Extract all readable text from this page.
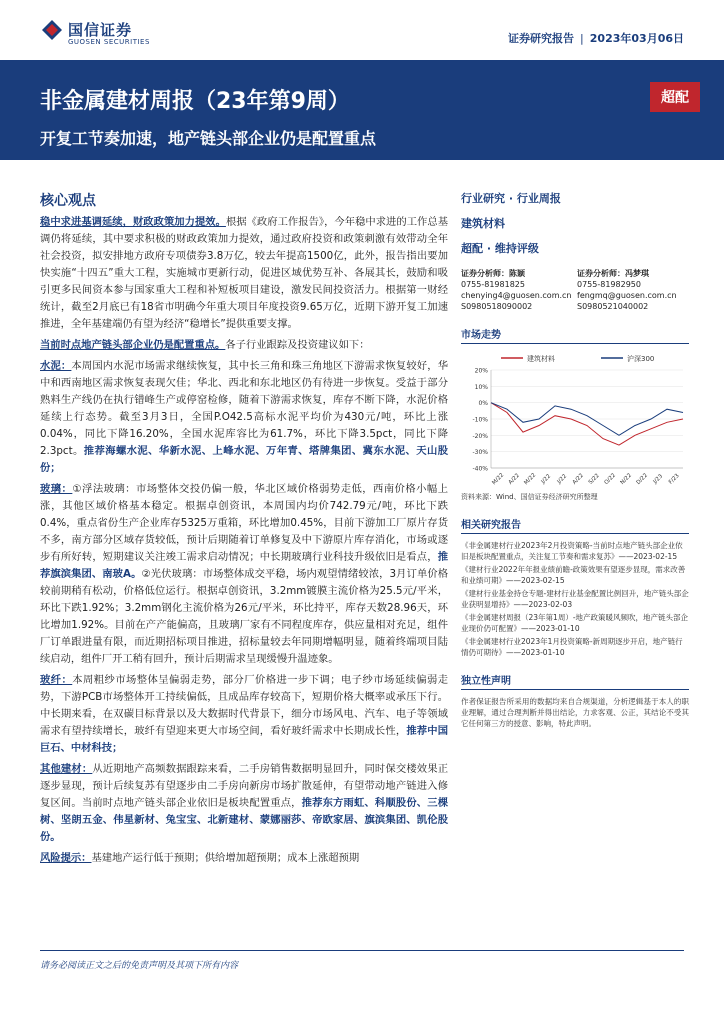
国信证券
GUOSEN SECURITIES	证券研究报告 | 2023年03月06日
非金属建材周报（23年第9周）
开复工节奏加速，地产链头部企业仍是配置重点
超配
核心观点

稳中求进基调延续，财政政策加力提效。根据《政府工作报告》，今年稳中求进的工作总基调仍将延续，其中要求积极的财政政策加力提效，通过政府投资和政策刺激有效带动全年社会投资，拟安排地方政府专项债券3.8万亿，较去年提高1500亿，此外，报告指出要加快实施“十四五”重大工程，实施城市更新行动，促进区域优势互补、各展其长，鼓励和吸引更多民间资本参与国家重大工程和补短板项目建设，激发民间投资活力。根据第一财经统计，截至2月底已有18省市明确今年重大项目年度投资9.65万亿，近期下游开复工加速推进，全年基建端仍有望为经济“稳增长”提供重要支撑。

当前时点地产链头部企业仍是配置重点。各子行业跟踪及投资建议如下：

水泥：本周国内水泥市场需求继续恢复，其中长三角和珠三角地区下游需求恢复较好，华中和西南地区需求恢复表现欠佳；华北、西北和东北地区仍有待进一步恢复。受益于部分熟料生产线仍在执行错峰生产或停窑检修，随着下游需求恢复，库存不断下降，水泥价格延续上行态势。截至3月3日，全国P.O42.5高标水泥平均价为430元/吨，环比上涨0.04%，同比下降16.20%，全国水泥库容比为61.7%，环比下降3.5pct，同比下降2.3pct。推荐海螺水泥、华新水泥、上峰水泥、万年青、塔牌集团、冀东水泥、天山股份；

玻璃：①浮法玻璃：市场整体交投仍偏一般，华北区域价格弱势走低，西南价格小幅上涨，其他区域价格基本稳定。根据卓创资讯，本周国内均价742.79元/吨，环比下跌0.4%，重点省份生产企业库存5325万重箱，环比增加0.45%，目前下游加工厂原片存货不多，南方部分区域存货较低，预计后期随着订单修复及中下游原片库存消化，市场或逐步有所好转，短期建议关注竣工需求启动情况；中长期玻璃行业科技升级依旧是看点，推荐旗滨集团、南玻A。②光伏玻璃：市场整体成交平稳，场内观望情绪较浓，3月订单价格较前期稍有松动，价格低位运行。根据卓创资讯，3.2mm镀膜主流价格为25.5元/平米，环比下跌1.92%；3.2mm钢化主流价格为26元/平米，环比持平，库存天数28.96天，环比增加1.92%。目前在产产能偏高，且玻璃厂家有不同程度库存，供应量相对充足，组件厂订单跟进量有限，而近期招标项目推进，招标量较去年同期增幅明显，随着终端项目陆续启动，组件厂开工稍有回升，预计后期需求呈现缓慢升温迹象。

玻纤：本周粗纱市场整体呈偏弱走势，部分厂价格进一步下调；电子纱市场延续偏弱走势，下游PCB市场整体开工持续偏低，且成品库存较高下，短期价格大概率或承压下行。中长期来看，在双碳目标背景以及大数据时代背景下，细分市场风电、汽车、电子等领域需求有望持续增长，玻纤有望迎来更大市场空间，看好玻纤需求中长期成长性，推荐中国巨石、中材科技；

其他建材：从近期地产高频数据跟踪来看，二手房销售数据明显回升，同时保交楼效果正逐步显现，预计后续复苏有望逐步由二手房向新房市场扩散延伸，有望带动地产链进入修复区间。当前时点地产链头部企业依旧是板块配置重点，推荐东方雨虹、科顺股份、三棵树、坚朗五金、伟星新材、兔宝宝、北新建材、蒙娜丽莎、帝欧家居、旗滨集团、凯伦股份。

风险提示：基建地产运行低于预期；供给增加超预期；成本上涨超预期

行业研究 · 行业周报
建筑材料
超配 · 维持评级
证券分析师：陈颖
0755-81981825
chenying4@guosen.com.cn
S0980518090002
证券分析师：冯梦琪
0755-81982950
fengmq@guosen.com.cn
S0980521040002
市场走势
建筑材料	沪深300
20%
10%
0%
-10%
-20%
-30%
-40%
M/22 A/22 M/22 J/22 J/22 A/22 S/22 O/22 N/22 D/22 J/23 F/23
资料来源：Wind、国信证券经济研究所整理
相关研究报告
《非金属建材行业2023年2月投资策略-当前时点地产链头部企业依旧是板块配置重点，关注复工节奏和需求复苏》——2023-02-15
《建材行业2022年年报业绩前瞻-政策效果有望逐步显现，需求改善和业绩可期》——2023-02-15
《建材行业基金持仓专题-建材行业基金配置比例回升，地产链头部企业获明显增持》——2023-02-03
《非金属建材周报（23年第1周）-地产政策暖风频吹，地产链头部企业现价仍可配置》——2023-01-10
《非金属建材行业2023年1月投资策略-新周期逐步开启，地产链行情仍可期待》——2023-01-10
独立性声明
作者保证报告所采用的数据均来自合规渠道，分析逻辑基于本人的职业理解，通过合理判断并得出结论，力求客观、公正，其结论不受其它任何第三方的授意、影响，特此声明。
请务必阅读正文之后的免责声明及其项下所有内容
